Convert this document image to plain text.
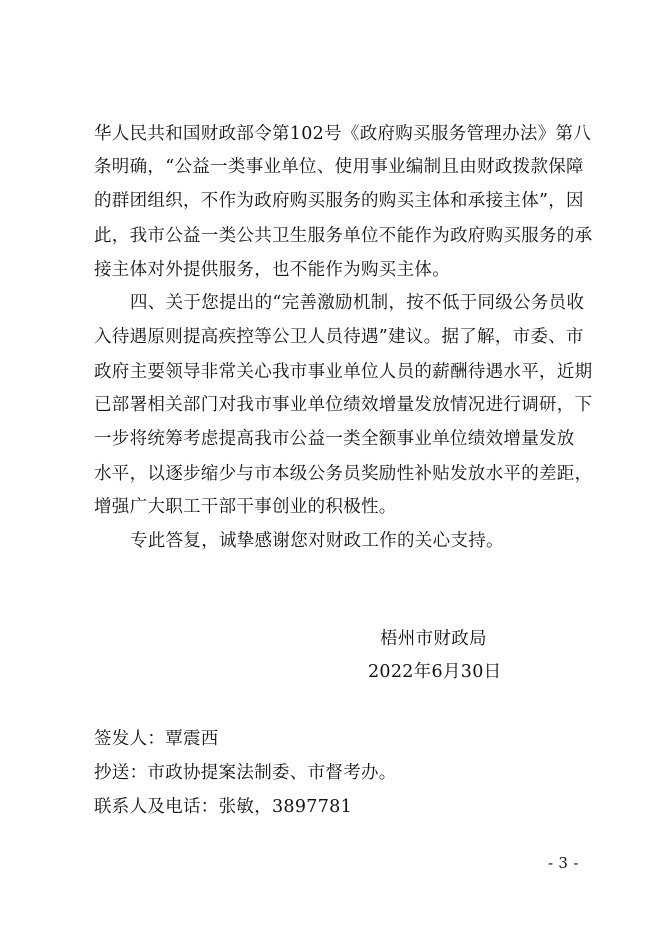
华人民共和国财政部令第102号《政府购买服务管理办法》第八
条明确，“公益一类事业单位、使用事业编制且由财政拨款保障
的群团组织，不作为政府购买服务的购买主体和承接主体”，因
此，我市公益一类公共卫生服务单位不能作为政府购买服务的承
接主体对外提供服务，也不能作为购买主体。
四、关于您提出的“完善激励机制，按不低于同级公务员收
入待遇原则提高疾控等公卫人员待遇”建议。据了解，市委、市
政府主要领导非常关心我市事业单位人员的薪酬待遇水平，近期
已部署相关部门对我市事业单位绩效增量发放情况进行调研，下
一步将统筹考虑提高我市公益一类全额事业单位绩效增量发放
水平，以逐步缩少与市本级公务员奖励性补贴发放水平的差距，
增强广大职工干部干事创业的积极性。
专此答复，诚挚感谢您对财政工作的关心支持。
梧州市财政局
2022年6月30日
签发人：覃震西
抄送：市政协提案法制委、市督考办。
联系人及电话：张敏，3897781
- 3 -
